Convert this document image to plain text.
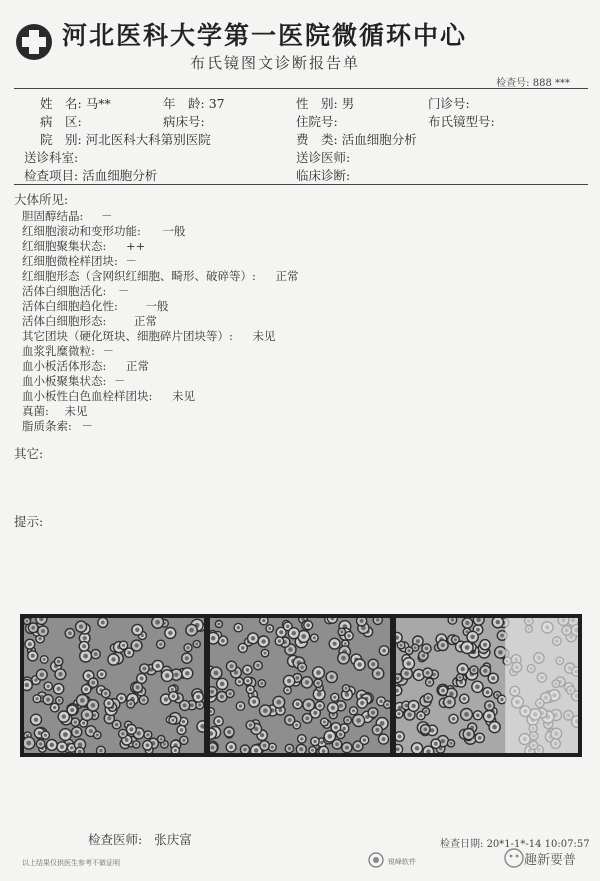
河北医科大学第一医院微循环中心
布氏镜图文诊断报告单
检查号: 888 ***
姓　名: 马**	年　龄: 37	性　别: 男	门诊号:
病　区:	病床号:	住院号:	布氏镜型号:
院　别: 河北医科大科第别医院	费　类: 活血细胞分析
送诊科室:	送诊医师:
检查项目: 活血细胞分析	临床诊断:
大体所见:
胆固醇结晶: －
红细胞滚动和变形功能: 一般
红细胞聚集状态: ++
红细胞微栓样团块: －
红细胞形态（含网织红细胞、畸形、破碎等）: 正常
活体白细胞活化: －
活体白细胞趋化性: 一般
活体白细胞形态: 正常
其它团块（硬化斑块、细胞碎片团块等）: 未见
血浆乳糜微粒: －
血小板活体形态: 正常
血小板聚集状态: －
血小板性白色血栓样团块: 未见
真菌: 未见
脂质条索: －
其它:
提示:
检查医师: 张庆富	检查日期: 20*1-1*-14 10:07:57
以上结果仅供医生参考不做证明	锐峰软件	趣新要普
